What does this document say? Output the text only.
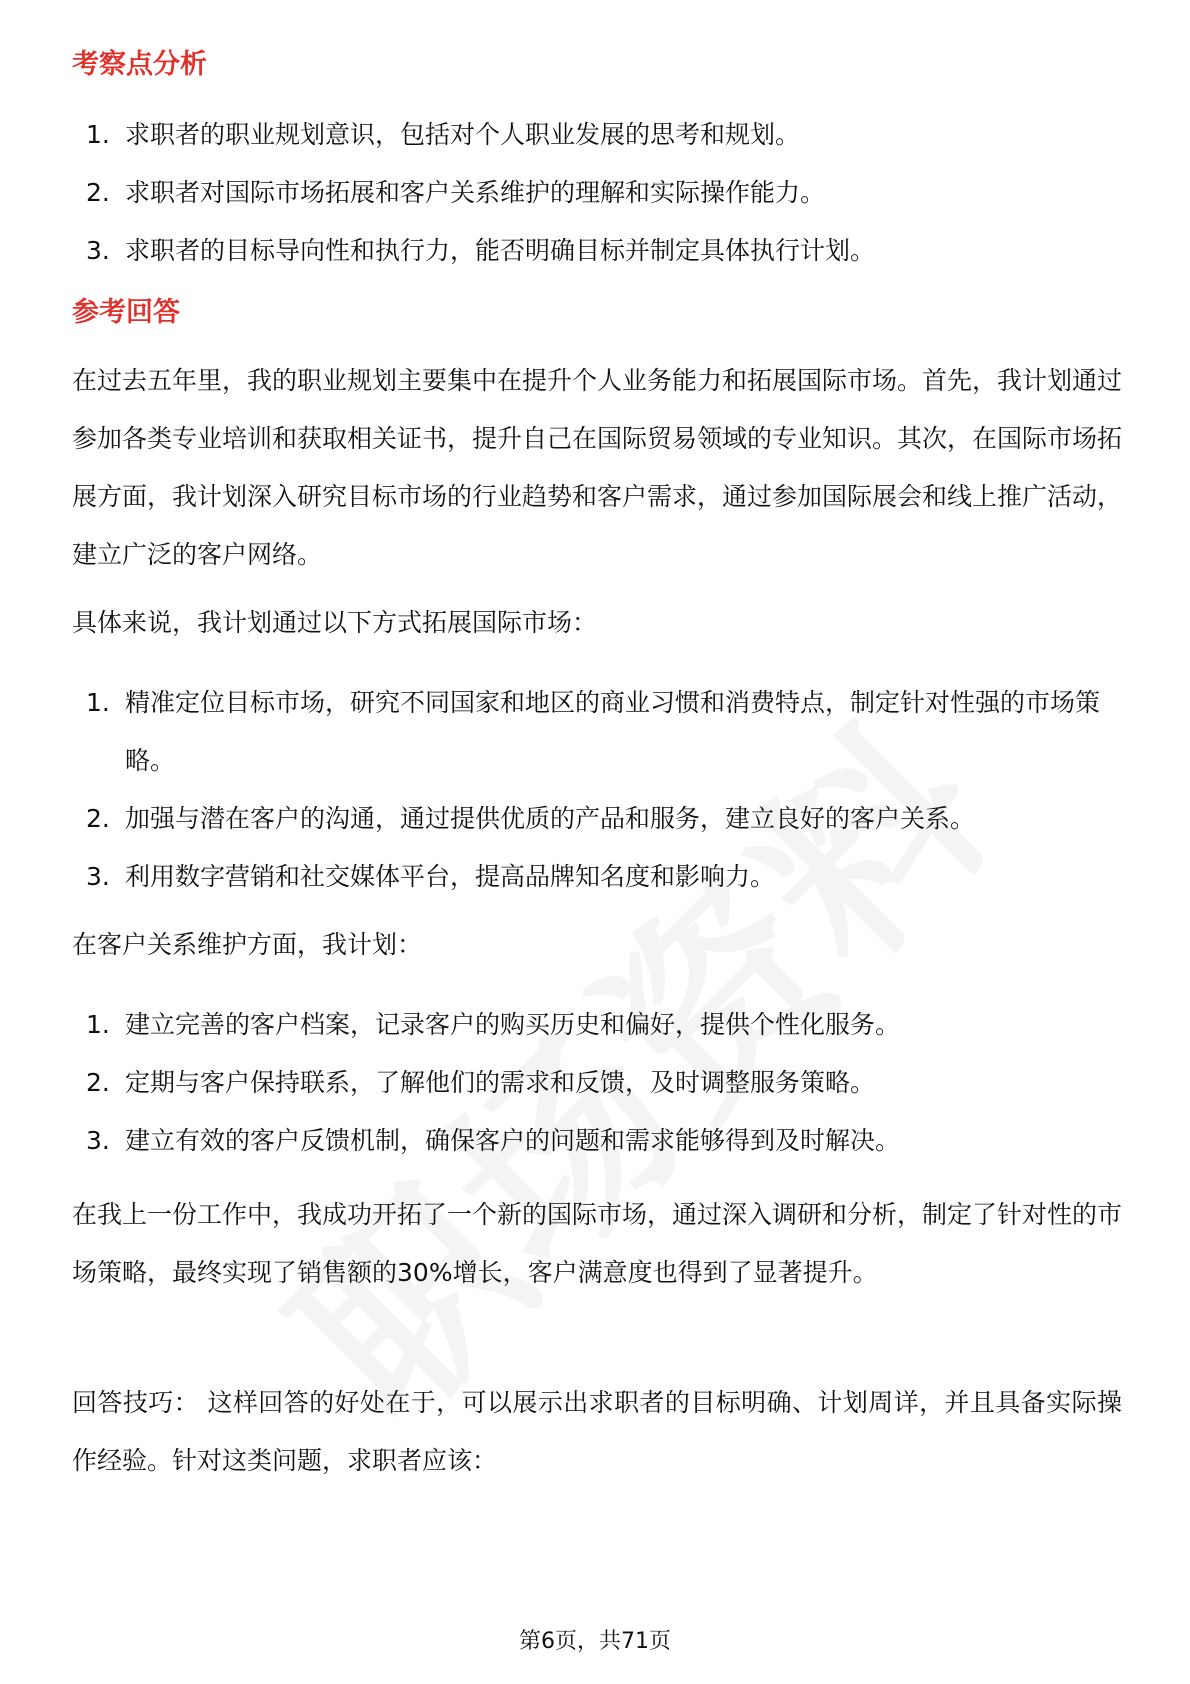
考察点分析
1. 求职者的职业规划意识，包括对个人职业发展的思考和规划。
2. 求职者对国际市场拓展和客户关系维护的理解和实际操作能力。
3. 求职者的目标导向性和执行力，能否明确目标并制定具体执行计划。
参考回答

在过去五年里，我的职业规划主要集中在提升个人业务能力和拓展国际市场。首先，我计划通过参加各类专业培训和获取相关证书，提升自己在国际贸易领域的专业知识。其次，在国际市场拓展方面，我计划深入研究目标市场的行业趋势和客户需求，通过参加国际展会和线上推广活动，建立广泛的客户网络。

具体来说，我计划通过以下方式拓展国际市场：

1. 精准定位目标市场，研究不同国家和地区的商业习惯和消费特点，制定针对性强的市场策略。
2. 加强与潜在客户的沟通，通过提供优质的产品和服务，建立良好的客户关系。
3. 利用数字营销和社交媒体平台，提高品牌知名度和影响力。

在客户关系维护方面，我计划：

1. 建立完善的客户档案，记录客户的购买历史和偏好，提供个性化服务。
2. 定期与客户保持联系，了解他们的需求和反馈，及时调整服务策略。
3. 建立有效的客户反馈机制，确保客户的问题和需求能够得到及时解决。

在我上一份工作中，我成功开拓了一个新的国际市场，通过深入调研和分析，制定了针对性的市场策略，最终实现了销售额的30%增长，客户满意度也得到了显著提升。

回答技巧： 这样回答的好处在于，可以展示出求职者的目标明确、计划周详，并且具备实际操作经验。针对这类问题，求职者应该：

第6页，共71页
